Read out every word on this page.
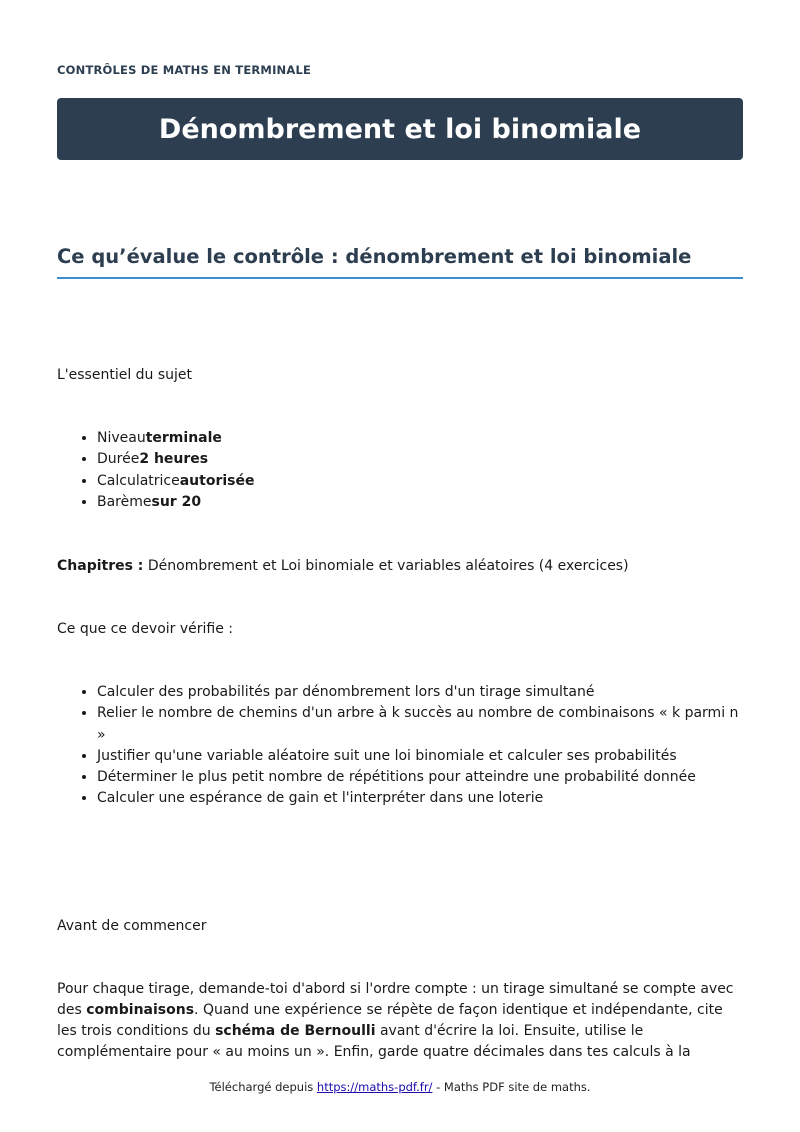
CONTRÔLES DE MATHS EN TERMINALE
Dénombrement et loi binomiale
Ce qu’évalue le contrôle : dénombrement et loi binomiale

L'essentiel du sujet

• Niveauterminale
• Durée2 heures
• Calculatriceautorisée
• Barèmesur 20

Chapitres : Dénombrement et Loi binomiale et variables aléatoires (4 exercices)

Ce que ce devoir vérifie :

• Calculer des probabilités par dénombrement lors d'un tirage simultané
• Relier le nombre de chemins d'un arbre à k succès au nombre de combinaisons « k parmi n »
• Justifier qu'une variable aléatoire suit une loi binomiale et calculer ses probabilités
• Déterminer le plus petit nombre de répétitions pour atteindre une probabilité donnée
• Calculer une espérance de gain et l'interpréter dans une loterie

Avant de commencer

Pour chaque tirage, demande-toi d'abord si l'ordre compte : un tirage simultané se compte avec des combinaisons. Quand une expérience se répète de façon identique et indépendante, cite les trois conditions du schéma de Bernoulli avant d'écrire la loi. Ensuite, utilise le complémentaire pour « au moins un ». Enfin, garde quatre décimales dans tes calculs à la

Téléchargé depuis https://maths-pdf.fr/ - Maths PDF site de maths.
